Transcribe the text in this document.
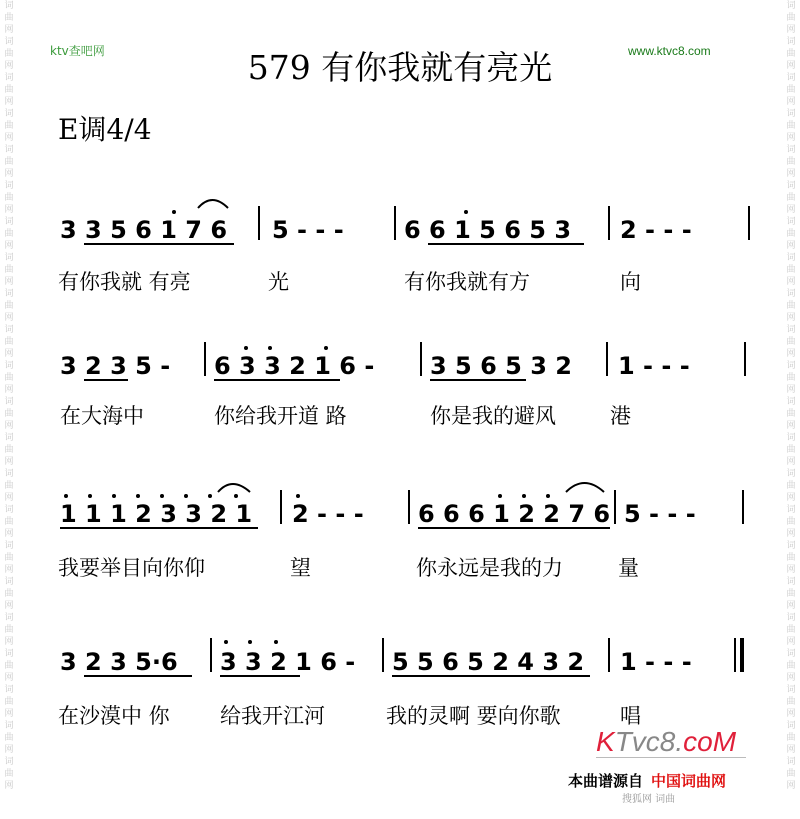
词
曲
网
词
曲
网
词
曲
网
词
曲
网
词
曲
网
词
曲
网
词
曲
网
词
曲
网
词
曲
网
词
曲
网
词
曲
网
词
曲
网
词
曲
网
词
曲
网
词
曲
网
词
曲
网
词
曲
网
词
曲
网
词
曲
网
词
曲
网
词
曲
网
词
曲
网
词
曲
网
词
曲
网
词
曲
网
词
曲
网
词
曲
网
词
曲
网
词
曲
网
词
曲
网
词
曲
网
词
曲
网
词
曲
网
词
曲
网
词
曲
网
词
曲
网
词
曲
网
词
曲
网
词
曲
网
词
曲
网
词
曲
网
词
曲
网
词
曲
网
词
曲
网
ktv查吧网	www.ktvc8.com
579 有你我就有亮光
E调4/4
3 3 5 6 1 7 6 5 - - -	6 6 1 5 6 5 3 2 - - -
3 2 3 5 - 6 3 3 2 1 6 - 3 5 6 5 3 2 1 - - -
1 1 1 2 3 3 2 1 2 - - - 6 6 6 1 2 2 7 6 5 - - -
3 2 3 5·6 3 3 2 1 6 - 5 5 6 5 2 4 3 2 1 - - -
有你我就 有亮	光	有你我就有方	向
在大海中	你给我开道 路	你是我的避风	港
我要举目向你仰	望	你永远是我的力	量
在沙漠中 你 给我开江河	我的灵啊 要向你歌	唱
KTvc8.coM
本曲谱源自 中国词曲网
搜狐网 词曲
